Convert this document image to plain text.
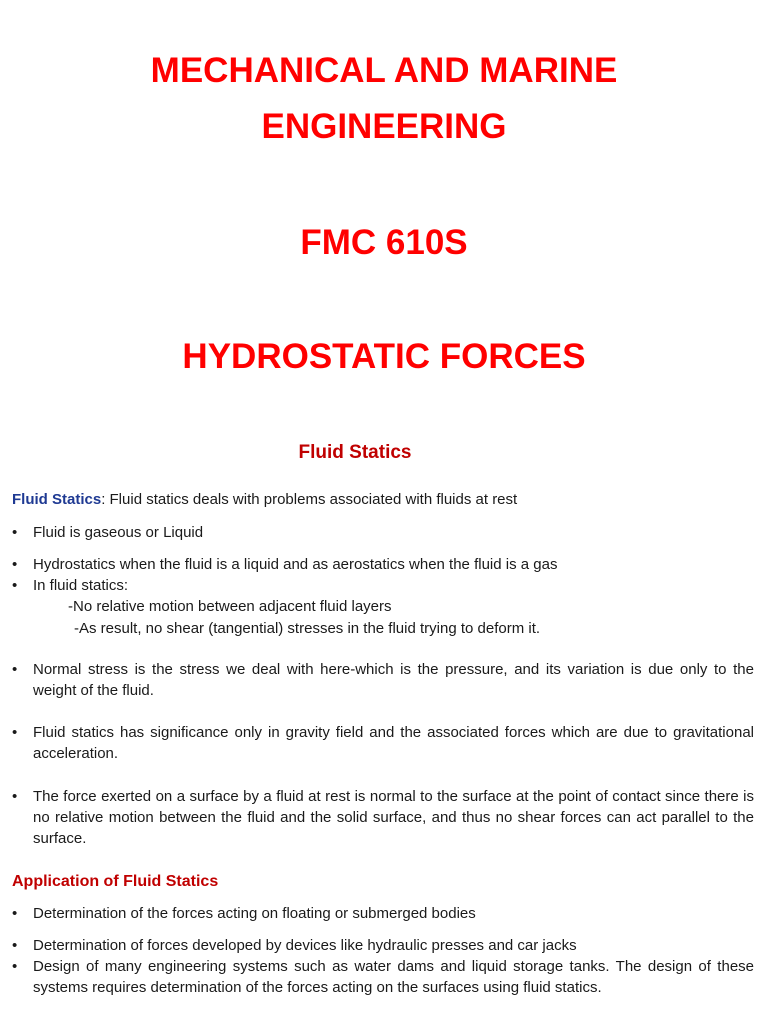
MECHANICAL AND MARINE
ENGINEERING
FMC 610S
HYDROSTATIC FORCES
Fluid Statics
Fluid Statics: Fluid statics deals with problems associated with fluids at rest
•	Fluid is gaseous or Liquid
•	Hydrostatics when the fluid is a liquid and as aerostatics when the fluid is a gas
•	In fluid statics:
-No relative motion between adjacent fluid layers
-As result, no shear (tangential) stresses in the fluid trying to deform it.
•	Normal stress is the stress we deal with here-which is the pressure, and its variation is due only to the weight of the fluid.
•	Fluid statics has significance only in gravity field and the associated forces which are due to gravitational acceleration.
•	The force exerted on a surface by a fluid at rest is normal to the surface at the point of contact since there is no relative motion between the fluid and the solid surface, and thus no shear forces can act parallel to the surface.
Application of Fluid Statics
•	Determination of the forces acting on floating or submerged bodies
•	Determination of forces developed by devices like hydraulic presses and car jacks
•	Design of many engineering systems such as water dams and liquid storage tanks. The design of these systems requires determination of the forces acting on the surfaces using fluid statics.
